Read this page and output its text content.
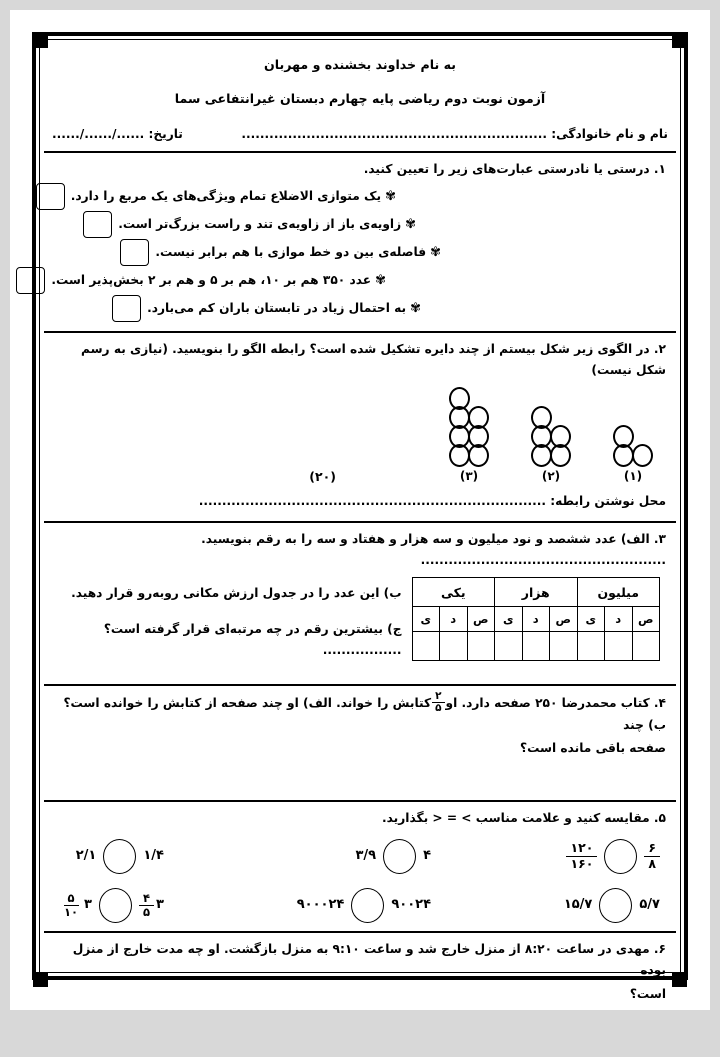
به نام خداوند بخشنده و مهربان
آزمون نوبت دوم ریاضی پایه چهارم دبستان غیرانتفاعی سما
نام و نام خانوادگی: ..................................................................
تاریخ: ....../....../......
۱. درستی یا نادرستی عبارت‌های زیر را تعیین کنید.
✾
یک متوازی الاضلاع تمام ویژگی‌های یک مربع را دارد.
✾
زاویه‌ی باز از زاویه‌ی تند و راست بزرگ‌تر است.
✾
فاصله‌ی بین دو خط موازی با هم برابر نیست.
✾
عدد ۳۵۰ هم بر ۱۰، هم بر ۵ و هم بر ۲ بخش‌پذیر است.
✾
به احتمال زیاد در تابستان باران کم می‌بارد.
۲. در الگوی زیر شکل بیستم از چند دایره تشکیل شده است؟ رابطه الگو را بنویسید. (نیازی به رسم شکل نیست)
(۱)
(۲)
(۳)
(۲۰)
محل نوشتن رابطه: ...........................................................................
۳. الف) عدد ششصد و نود میلیون و سه هزار و هفتاد و سه را به رقم بنویسید. .....................................................
میلیون			هزار			یکی		
ص	د	ی	ص	د	ی	ص	د	ی

ب) این عدد را در جدول ارزش مکانی روبه‌رو قرار دهید.
ج) بیشترین رقم در چه مرتبه‌ای قرار گرفته است؟ .................
۴. کتاب محمدرضا ۲۵۰ صفحه دارد. او
$\frac{۲}{۵}$
کتابش را خواند. الف) او چند صفحه از کتابش را خوانده است؟ ب) چند
صفحه باقی مانده است؟
۵. مقایسه کنید و علامت مناسب > = < بگذارید.
$\frac{۶}{۸}$
$\frac{۱۲۰}{۱۶۰}$
۵/۷
۱۵/۷
۴
۳/۹
۹۰۰۲۴
۹۰۰۰۲۴
۱/۴
۲/۱
۳
$\frac{۴}{۵}$
۳
$\frac{۵}{۱۰}$
۶. مهدی در ساعت ۸:۲۰ از منزل خارج شد و ساعت ۹:۱۰ به منزل بازگشت. او چه مدت خارج از منزل بوده
است؟
